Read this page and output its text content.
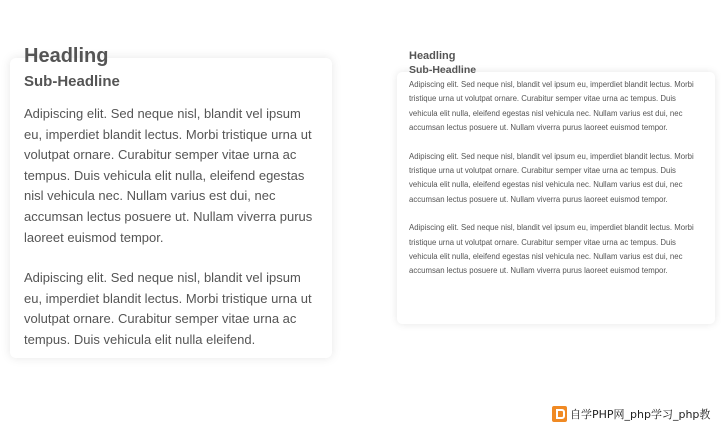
Headling
Sub-Headline

Adipiscing elit. Sed neque nisl, blandit vel ipsum eu, imperdiet blandit lectus. Morbi tristique urna ut volutpat ornare. Curabitur semper vitae urna ac tempus. Duis vehicula elit nulla, eleifend egestas nisl vehicula nec. Nullam varius est dui, nec accumsan lectus posuere ut. Nullam viverra purus laoreet euismod tempor.

Adipiscing elit. Sed neque nisl, blandit vel ipsum eu, imperdiet blandit lectus. Morbi tristique urna ut volutpat ornare. Curabitur semper vitae urna ac tempus. Duis vehicula elit nulla eleifend.

Headling
Sub-Headline

Adipiscing elit. Sed neque nisl, blandit vel ipsum eu, imperdiet blandit lectus. Morbi tristique urna ut volutpat ornare. Curabitur semper vitae urna ac tempus. Duis vehicula elit nulla, eleifend egestas nisl vehicula nec. Nullam varius est dui, nec accumsan lectus posuere ut. Nullam viverra purus laoreet euismod tempor.

Adipiscing elit. Sed neque nisl, blandit vel ipsum eu, imperdiet blandit lectus. Morbi tristique urna ut volutpat ornare. Curabitur semper vitae urna ac tempus. Duis vehicula elit nulla, eleifend egestas nisl vehicula nec. Nullam varius est dui, nec accumsan lectus posuere ut. Nullam viverra purus laoreet euismod tempor.

Adipiscing elit. Sed neque nisl, blandit vel ipsum eu, imperdiet blandit lectus. Morbi tristique urna ut volutpat ornare. Curabitur semper vitae urna ac tempus. Duis vehicula elit nulla, eleifend egestas nisl vehicula nec. Nullam varius est dui, nec accumsan lectus posuere ut. Nullam viverra purus laoreet euismod tempor.

自学PHP网_php学习_php教
